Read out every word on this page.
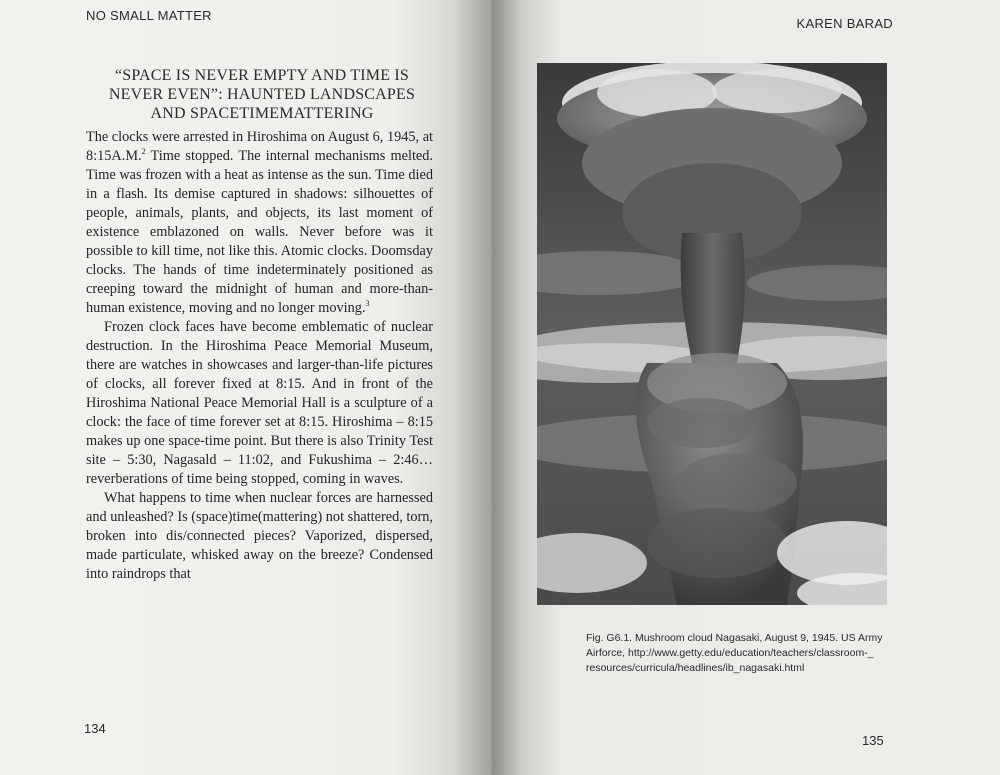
NO SMALL MATTER
“SPACE IS NEVER EMPTY AND TIME IS
NEVER EVEN”: HAUNTED LANDSCAPES
AND SPACETIMEMATTERING

The clocks were arrested in Hiroshima on August 6, 1945, at 8:15A.M.$^2$ Time stopped. The internal mechanisms melted. Time was frozen with a heat as intense as the sun. Time died in a flash. Its demise captured in shadows: silhouettes of people, animals, plants, and objects, its last moment of existence emblazoned on walls. Never before was it possible to kill time, not like this. Atomic clocks. Doomsday clocks. The hands of time indeterminately positioned as creeping toward the midnight of human and more-than-human existence, moving and no longer moving.$^3$

Frozen clock faces have become emblematic of nuclear destruction. In the Hiroshima Peace Memorial Museum, there are watches in showcases and larger-than-life pictures of clocks, all forever fixed at 8:15. And in front of the Hiroshima National Peace Memorial Hall is a sculpture of a clock: the face of time forever set at 8:15. Hiroshima – 8:15 makes up one space-time point. But there is also Trinity Test site – 5:30, Nagasald – 11:02, and Fukushima – 2:46… reverberations of time being stopped, coming in waves.

What happens to time when nuclear forces are harnessed and unleashed? Is (space)time(mattering) not shattered, torn, broken into dis/connected pieces? Vaporized, dispersed, made particulate, whisked away on the breeze? Condensed into raindrops that

134
KAREN BARAD
135
Fig. G6.1. Mushroom cloud Nagasaki, August 9, 1945. US Army
Airforce, http://www.getty.edu/education/teachers/classroom-_
resources/curricula/headlines/ib_nagasaki.html
